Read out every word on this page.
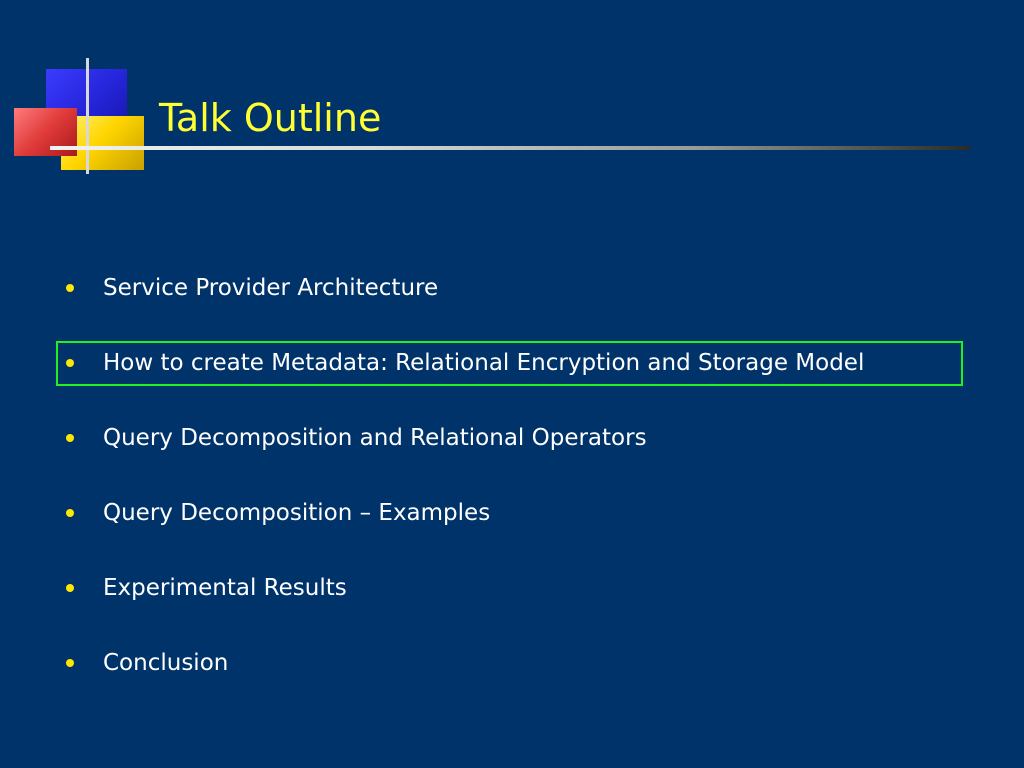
Talk Outline
Service Provider Architecture
How to create Metadata: Relational Encryption and Storage Model
Query Decomposition and Relational Operators
Query Decomposition – Examples
Experimental Results
Conclusion
